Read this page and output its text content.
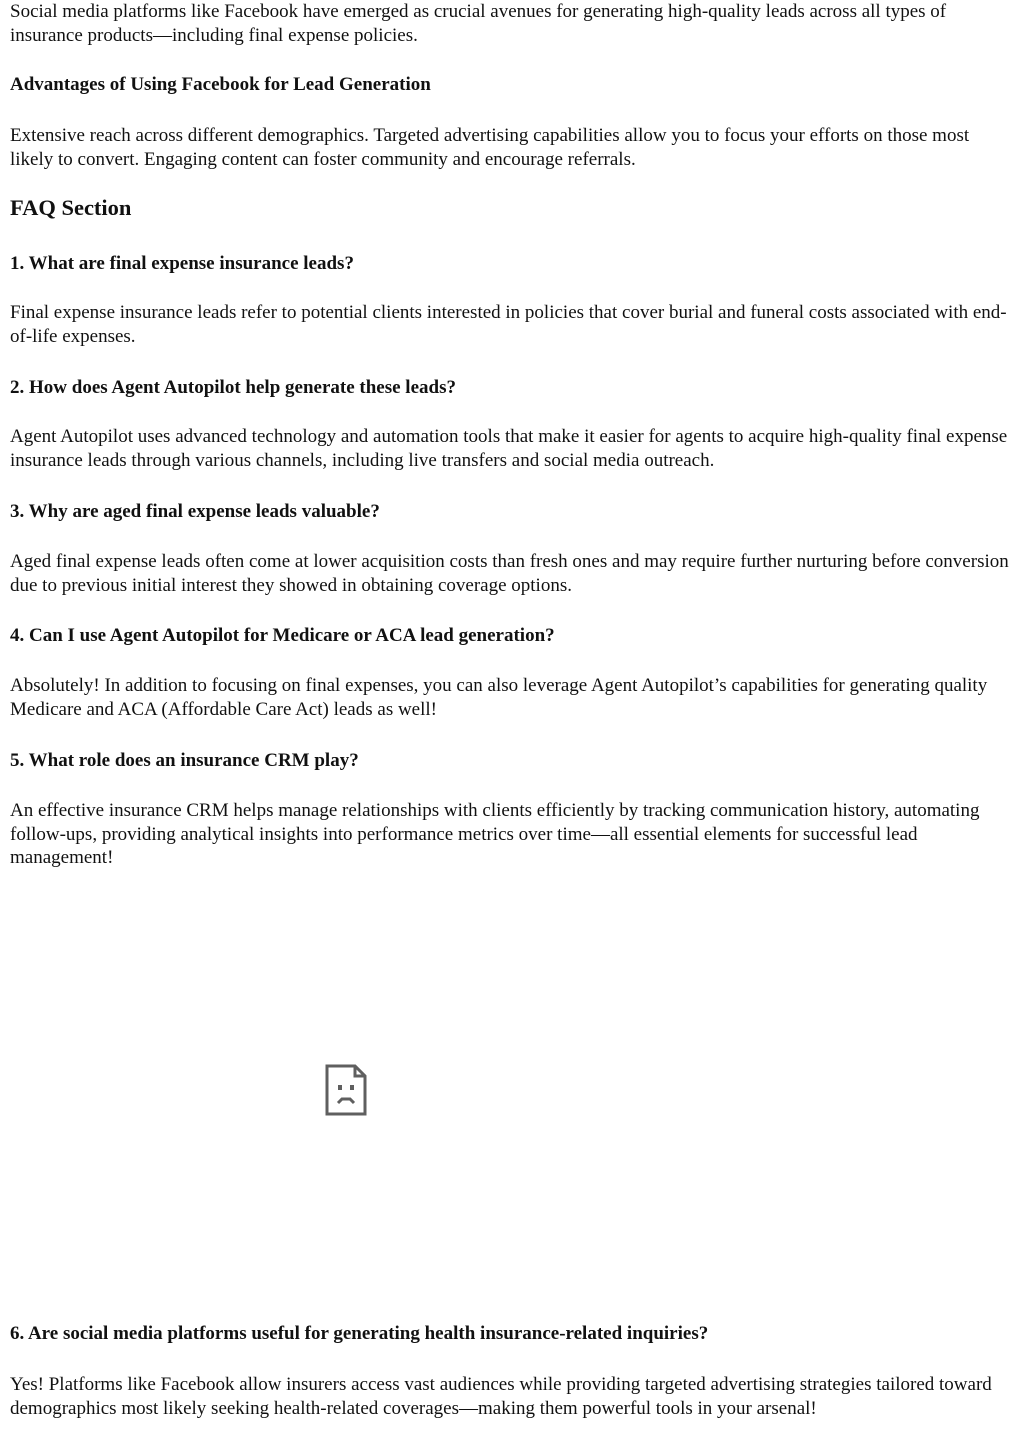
Social media platforms like Facebook have emerged as crucial avenues for generating high-quality leads across all types of insurance products—including final expense policies.

Advantages of Using Facebook for Lead Generation

Extensive reach across different demographics. Targeted advertising capabilities allow you to focus your efforts on those most likely to convert. Engaging content can foster community and encourage referrals.

FAQ Section
1. What are final expense insurance leads?

Final expense insurance leads refer to potential clients interested in policies that cover burial and funeral costs associated with end-of-life expenses.

2. How does Agent Autopilot help generate these leads?

Agent Autopilot uses advanced technology and automation tools that make it easier for agents to acquire high-quality final expense insurance leads through various channels, including live transfers and social media outreach.

3. Why are aged final expense leads valuable?

Aged final expense leads often come at lower acquisition costs than fresh ones and may require further nurturing before conversion due to previous initial interest they showed in obtaining coverage options.

4. Can I use Agent Autopilot for Medicare or ACA lead generation?

Absolutely! In addition to focusing on final expenses, you can also leverage Agent Autopilot’s capabilities for generating quality Medicare and ACA (Affordable Care Act) leads as well!

5. What role does an insurance CRM play?

An effective insurance CRM helps manage relationships with clients efficiently by tracking communication history, automating follow-ups, providing analytical insights into performance metrics over time—all essential elements for successful lead management!

6. Are social media platforms useful for generating health insurance-related inquiries?

Yes! Platforms like Facebook allow insurers access vast audiences while providing targeted advertising strategies tailored toward demographics most likely seeking health-related coverages—making them powerful tools in your arsenal!
